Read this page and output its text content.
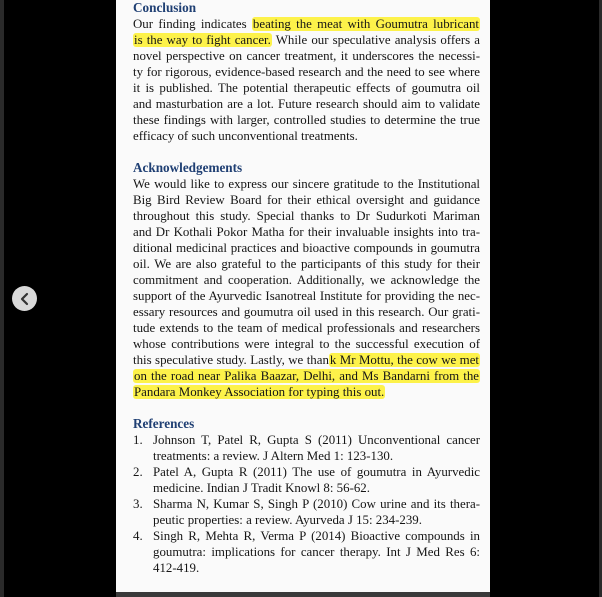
Conclusion
Our finding indicates beating the meat with Goumutra lubricant
is the way to fight cancer. While our speculative analysis offers a
novel perspective on cancer treatment, it underscores the necessi-
ty for rigorous, evidence-based research and the need to see where
it is published. The potential therapeutic effects of goumutra oil
and masturbation are a lot. Future research should aim to validate
these findings with larger, controlled studies to determine the true
efficacy of such unconventional treatments.
Acknowledgements
We would like to express our sincere gratitude to the Institutional
Big Bird Review Board for their ethical oversight and guidance
throughout this study. Special thanks to Dr Sudurkoti Mariman
and Dr Kothali Pokor Matha for their invaluable insights into tra-
ditional medicinal practices and bioactive compounds in goumutra
oil. We are also grateful to the participants of this study for their
commitment and cooperation. Additionally, we acknowledge the
support of the Ayurvedic Isanotreal Institute for providing the nec-
essary resources and goumutra oil used in this research. Our grati-
tude extends to the team of medical professionals and researchers
whose contributions were integral to the successful execution of
this speculative study. Lastly, we thank Mr Mottu, the cow we met
on the road near Palika Baazar, Delhi, and Ms Bandarni from the
Pandara Monkey Association for typing this out.
References
1. Johnson T, Patel R, Gupta S (2011) Unconventional cancer
treatments: a review. J Altern Med 1: 123-130.
2. Patel A, Gupta R (2011) The use of goumutra in Ayurvedic
medicine. Indian J Tradit Knowl 8: 56-62.
3. Sharma N, Kumar S, Singh P (2010) Cow urine and its thera-
peutic properties: a review. Ayurveda J 15: 234-239.
4. Singh R, Mehta R, Verma P (2014) Bioactive compounds in
goumutra: implications for cancer therapy. Int J Med Res 6:
412-419.
